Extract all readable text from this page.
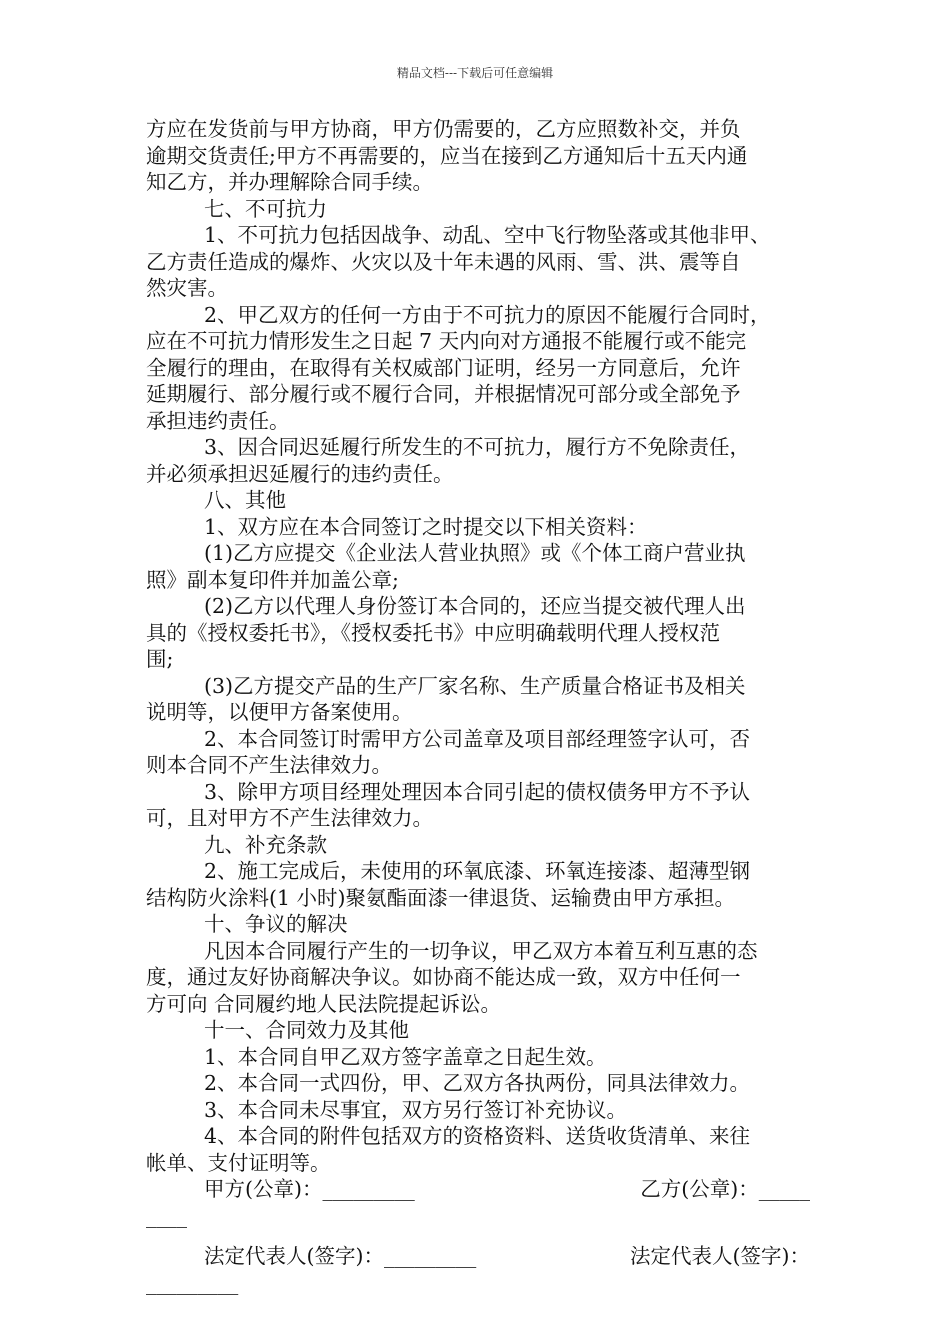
精品文档---下载后可任意编辑
方应在发货前与甲方协商，甲方仍需要的，乙方应照数补交，并负
逾期交货责任;甲方不再需要的，应当在接到乙方通知后十五天内通
知乙方，并办理解除合同手续。
七、不可抗力
1、不可抗力包括因战争、动乱、空中飞行物坠落或其他非甲、
乙方责任造成的爆炸、火灾以及十年未遇的风雨、雪、洪、震等自
然灾害。
2、甲乙双方的任何一方由于不可抗力的原因不能履行合同时，
应在不可抗力情形发生之日起 7 天内向对方通报不能履行或不能完
全履行的理由，在取得有关权威部门证明，经另一方同意后，允许
延期履行、部分履行或不履行合同，并根据情况可部分或全部免予
承担违约责任。
3、因合同迟延履行所发生的不可抗力，履行方不免除责任，
并必须承担迟延履行的违约责任。
八、其他
1、双方应在本合同签订之时提交以下相关资料：
(1)乙方应提交《企业法人营业执照》或《个体工商户营业执
照》副本复印件并加盖公章;
(2)乙方以代理人身份签订本合同的，还应当提交被代理人出
具的《授权委托书》，《授权委托书》中应明确载明代理人授权范
围;
(3)乙方提交产品的生产厂家名称、生产质量合格证书及相关
说明等，以便甲方备案使用。
2、本合同签订时需甲方公司盖章及项目部经理签字认可，否
则本合同不产生法律效力。
3、除甲方项目经理处理因本合同引起的债权债务甲方不予认
可，且对甲方不产生法律效力。
九、补充条款
2、施工完成后，未使用的环氧底漆、环氧连接漆、超薄型钢
结构防火涂料(1 小时)聚氨酯面漆一律退货、运输费由甲方承担。
十、争议的解决
凡因本合同履行产生的一切争议，甲乙双方本着互利互惠的态
度，通过友好协商解决争议。如协商不能达成一致，双方中任何一
方可向 合同履约地人民法院提起诉讼。
十一、合同效力及其他
1、本合同自甲乙双方签字盖章之日起生效。
2、本合同一式四份，甲、乙双方各执两份，同具法律效力。
3、本合同未尽事宜，双方另行签订补充协议。
4、本合同的附件包括双方的资格资料、送货收货清单、来往
帐单、支付证明等。
甲方(公章)：_________	乙方(公章)：_____
____
法定代表人(签字)：_________	法定代表人(签字)：
_________
